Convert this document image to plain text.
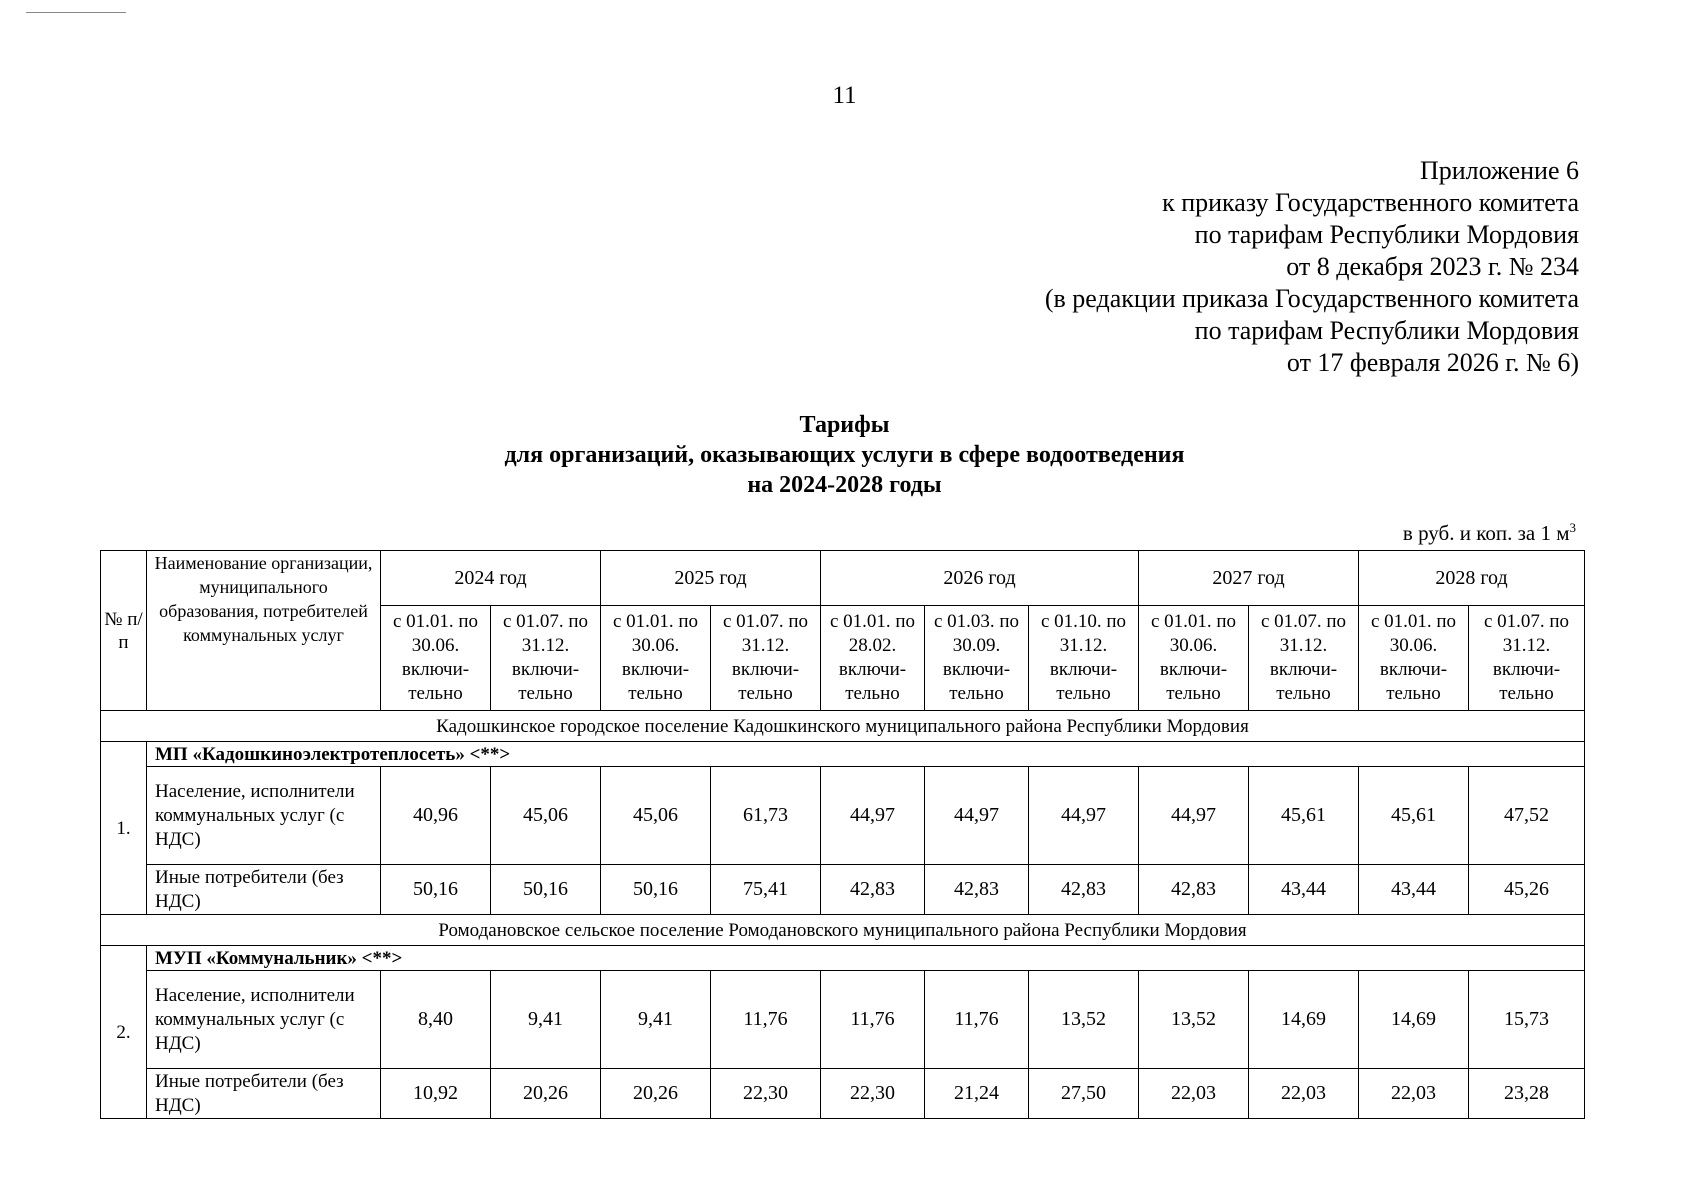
11
Приложение 6
к приказу Государственного комитета
по тарифам Республики Мордовия
от 8 декабря 2023 г. № 234
(в редакции приказа Государственного комитета
по тарифам Республики Мордовия
от 17 февраля 2026 г. № 6)
Тарифы
для организаций, оказывающих услуги в сфере водоотведения
на 2024-2028 годы
в руб. и коп. за 1 $м^3$
№ п/п	Наименование организации, муниципального образования, потребителей коммунальных услуг	2024 год		2025 год		2026 год			2027 год		2028 год	
		с 01.01. по 30.06. включи-тельно	с 01.07. по 31.12. включи-тельно	с 01.01. по 30.06. включи-тельно	с 01.07. по 31.12. включи-тельно	с 01.01. по 28.02. включи-тельно	с 01.03. по 30.09. включи-тельно	с 01.10. по 31.12. включи-тельно	с 01.01. по 30.06. включи-тельно	с 01.07. по 31.12. включи-тельно	с 01.01. по 30.06. включи-тельно	с 01.07. по 31.12. включи-тельно
Кадошкинское городское поселение Кадошкинского муниципального района Республики Мордовия												
1.	МП «Кадошкиноэлектротеплосеть» <**>											
	Население, исполнители коммунальных услуг (с НДС)	40,96	45,06	45,06	61,73	44,97	44,97	44,97	44,97	45,61	45,61	47,52
	Иные потребители (без НДС)	50,16	50,16	50,16	75,41	42,83	42,83	42,83	42,83	43,44	43,44	45,26
Ромодановское сельское поселение Ромодановского муниципального района Республики Мордовия												
2.	МУП «Коммунальник» <**>											
	Население, исполнители коммунальных услуг (с НДС)	8,40	9,41	9,41	11,76	11,76	11,76	13,52	13,52	14,69	14,69	15,73
	Иные потребители (без НДС)	10,92	20,26	20,26	22,30	22,30	21,24	27,50	22,03	22,03	22,03	23,28
